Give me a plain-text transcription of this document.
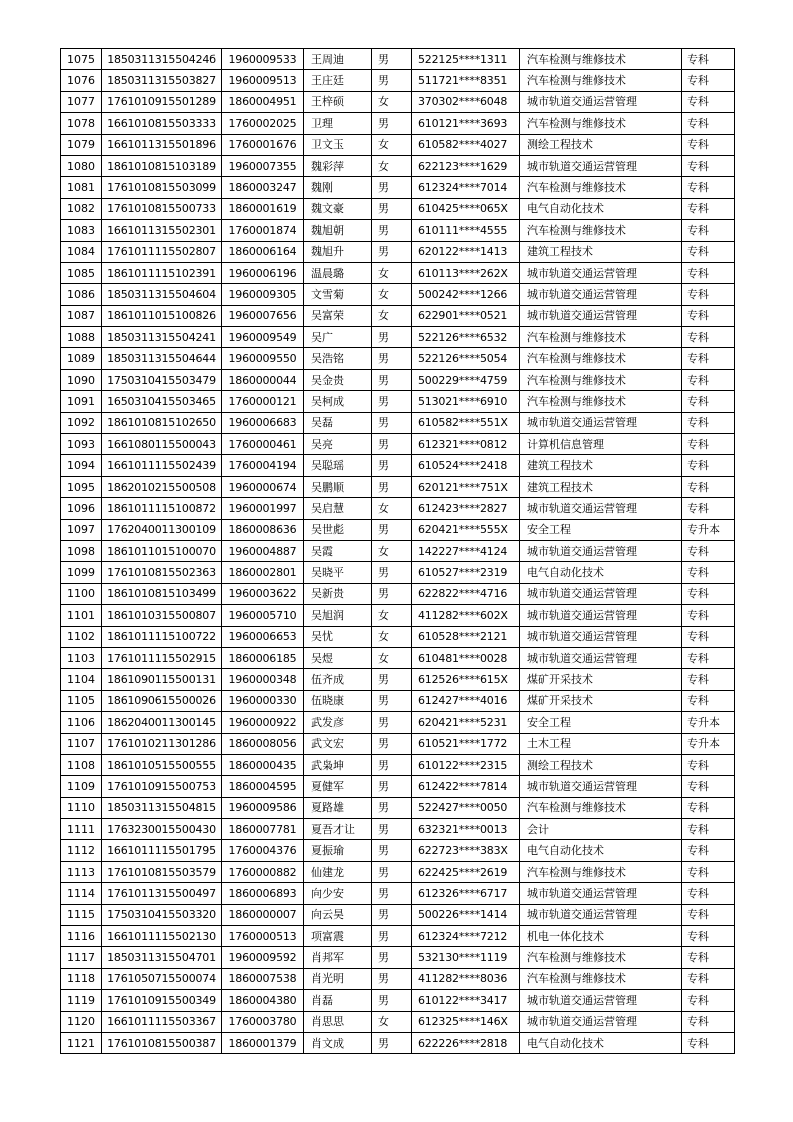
1075	185031131550424б	1960009533	王周迪	男	522125****1311	汽车检测与维修技术	专科
1076	1850311315503827	1960009513	王庄廷	男	511721****8351	汽车检测与维修技术	专科
1077	1761010915501289	1860004951	王梓硕	女	370302****6048	城市轨道交通运营管理	专科
1078	1661010815503333	1760002025	卫理	男	610121****3693	汽车检测与维修技术	专科
1079	1661011315501896	1760001676	卫文玉	女	610582****4027	测绘工程技术	专科
1080	1861010815103189	1960007355	魏彩萍	女	622123****1629	城市轨道交通运营管理	专科
1081	1761010815503099	1860003247	魏刚	男	612324****7014	汽车检测与维修技术	专科
1082	1761010815500733	1860001619	魏文豪	男	610425****065X	电气自动化技术	专科
1083	1661011315502301	1760001874	魏旭朝	男	610111****4555	汽车检测与维修技术	专科
1084	1761011115502807	1860006164	魏旭升	男	620122****1413	建筑工程技术	专科
1085	1861011115102391	1960006196	温晨璐	女	610113****262X	城市轨道交通运营管理	专科
1086	1850311315504604	1960009305	文雪菊	女	500242****1266	城市轨道交通运营管理	专科
1087	1861011015100826	1960007656	吴富荣	女	622901****0521	城市轨道交通运营管理	专科
1088	1850311315504241	1960009549	吴广	男	522126****6532	汽车检测与维修技术	专科
1089	1850311315504644	1960009550	吴浩铭	男	522126****5054	汽车检测与维修技术	专科
1090	1750310415503479	1860000044	吴金贵	男	500229****4759	汽车检测与维修技术	专科
1091	1650310415503465	1760000121	吴柯成	男	513021****6910	汽车检测与维修技术	专科
1092	1861010815102650	1960006683	吴磊	男	610582****551X	城市轨道交通运营管理	专科
1093	1661080115500043	1760000461	吴亮	男	612321****0812	计算机信息管理	专科
1094	1661011115502439	1760004194	吴聪瑶	男	610524****2418	建筑工程技术	专科
1095	1862010215500508	1960000674	吴鹏顺	男	620121****751X	建筑工程技术	专科
1096	1861011115100872	1960001997	吴启慧	女	612423****2827	城市轨道交通运营管理	专科
1097	1762040011300109	1860008636	吴世彪	男	620421****555X	安全工程	专升本
1098	1861011015100070	1960004887	吴霞	女	142227****4124	城市轨道交通运营管理	专科
1099	1761010815502363	1860002801	吴晓平	男	610527****2319	电气自动化技术	专科
1100	1861010815103499	1960003622	吴新贵	男	622822****4716	城市轨道交通运营管理	专科
1101	1861010315500807	1960005710	吴旭润	女	411282****602X	城市轨道交通运营管理	专科
1102	1861011115100722	1960006653	吴忧	女	610528****2121	城市轨道交通运营管理	专科
1103	1761011115502915	1860006185	吴煜	女	610481****0028	城市轨道交通运营管理	专科
1104	1861090115500131	1960000348	伍齐成	男	612526****615X	煤矿开采技术	专科
1105	1861090615500026	1960000330	伍晓康	男	612427****4016	煤矿开采技术	专科
1106	1862040011300145	1960000922	武发彦	男	620421****5231	安全工程	专升本
1107	1761010211301286	1860008056	武文宏	男	610521****1772	土木工程	专升本
1108	1861010515500555	1860000435	武枭坤	男	610122****2315	测绘工程技术	专科
1109	1761010915500753	1860004595	夏健军	男	612422****7814	城市轨道交通运营管理	专科
1110	1850311315504815	1960009586	夏路雄	男	522427****0050	汽车检测与维修技术	专科
1111	1763230015500430	1860007781	夏吾才让	男	632321****0013	会计	专科
1112	1661011115501795	1760004376	夏振瑜	男	622723****383X	电气自动化技术	专科
1113	1761010815503579	1760000882	仙建龙	男	622425****2619	汽车检测与维修技术	专科
1114	1761011315500497	1860006893	向少安	男	612326****6717	城市轨道交通运营管理	专科
1115	1750310415503320	1860000007	向云昊	男	500226****1414	城市轨道交通运营管理	专科
1116	1661011115502130	1760000513	项富震	男	612324****7212	机电一体化技术	专科
1117	1850311315504701	1960009592	肖邦军	男	532130****1119	汽车检测与维修技术	专科
1118	1761050715500074	1860007538	肖光明	男	411282****8036	汽车检测与维修技术	专科
1119	1761010915500349	1860004380	肖磊	男	610122****3417	城市轨道交通运营管理	专科
1120	1661011115503367	1760003780	肖思思	女	612325****146X	城市轨道交通运营管理	专科
1121	1761010815500387	1860001379	肖文成	男	622226****2818	电气自动化技术	专科
